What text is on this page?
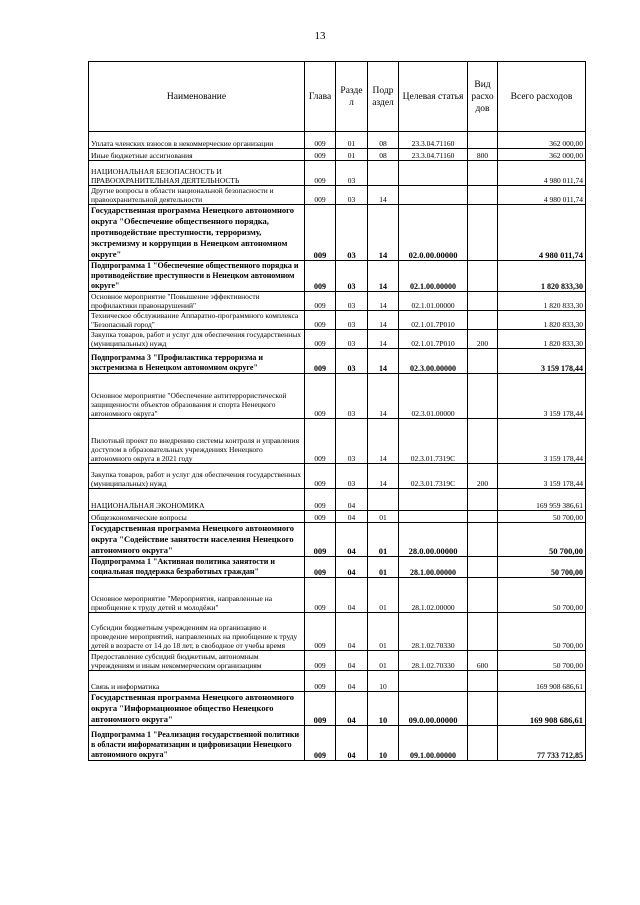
13
Наименование	Глава	Разде л	Подр аздел	Целевая статья	Вид расхо дов	Всего расходов
Уплата членских взносов в некоммерческие организации	009	01	08	23.3.04.71160		362 000,00
Иные бюджетные ассигнования	009	01	08	23.3.04.71160	800	362 000,00
НАЦИОНАЛЬНАЯ БЕЗОПАСНОСТЬ И ПРАВООХРАНИТЕЛЬНАЯ ДЕЯТЕЛЬНОСТЬ	009	03				4 980 011,74
Другие вопросы в области национальной безопасности и правоохранительной деятельности	009	03	14			4 980 011,74
Государственная программа Ненецкого автономного округа "Обеспечение общественного порядка, противодействие преступности, терроризму, экстремизму и коррупции в Ненецком автономном округе"	009	03	14	02.0.00.00000		4 980 011,74
Подпрограмма 1 "Обеспечение общественного порядка и противодействие преступности в Ненецком автономном округе"	009	03	14	02.1.00.00000		1 820 833,30
Основное мероприятие "Повышение эффективности профилактики правонарушений"	009	03	14	02.1.01.00000		1 820 833,30
Техническое обслуживание Аппаратно-программного комплекса "Безопасный город"	009	03	14	02.1.01.7P010		1 820 833,30
Закупка товаров, работ и услуг для обеспечения государственных (муниципальных) нужд	009	03	14	02.1.01.7P010	200	1 820 833,30
Подпрограмма 3 "Профилактика терроризма и экстремизма в Ненецком автономном округе"	009	03	14	02.3.00.00000		3 159 178,44
Основное мероприятие "Обеспечение антитеррористической защищенности объектов образования и спорта Ненецкого автономного округа"	009	03	14	02.3.01.00000		3 159 178,44
Пилотный проект по внедрению системы контроля и управления доступом в образовательных учреждениях Ненецкого автономного округа в 2021 году	009	03	14	02.3.01.7319C		3 159 178,44
Закупка товаров, работ и услуг для обеспечения государственных (муниципальных) нужд	009	03	14	02.3.01.7319C	200	3 159 178,44
НАЦИОНАЛЬНАЯ ЭКОНОМИКА	009	04				169 959 386,61
Общеэкономические вопросы	009	04	01			50 700,00
Государственная программа Ненецкого автономного округа "Содействие занятости населения Ненецкого автономного округа"	009	04	01	28.0.00.00000		50 700,00
Подпрограмма 1 "Активная политика занятости и социальная поддержка безработных граждан"	009	04	01	28.1.00.00000		50 700,00
Основное мероприятие "Мероприятия, направленные на приобщение к труду детей и молодёжи"	009	04	01	28.1.02.00000		50 700,00
Субсидии бюджетным учреждениям на организацию и проведение мероприятий, направленных на приобщение к труду детей в возрасте от 14 до 18 лет, в свободное от учебы время	009	04	01	28.1.02.70330		50 700,00
Предоставление субсидий бюджетным, автономным учреждениям и иным некоммерческим организациям	009	04	01	28.1.02.70330	600	50 700,00
Связь и информатика	009	04	10			169 908 686,61
Государственная программа Ненецкого автономного округа "Информационное общество Ненецкого автономного округа"	009	04	10	09.0.00.00000		169 908 686,61
Подпрограмма 1 "Реализация государственной политики в области информатизации и цифровизации Ненецкого автономного округа"	009	04	10	09.1.00.00000		77 733 712,85
